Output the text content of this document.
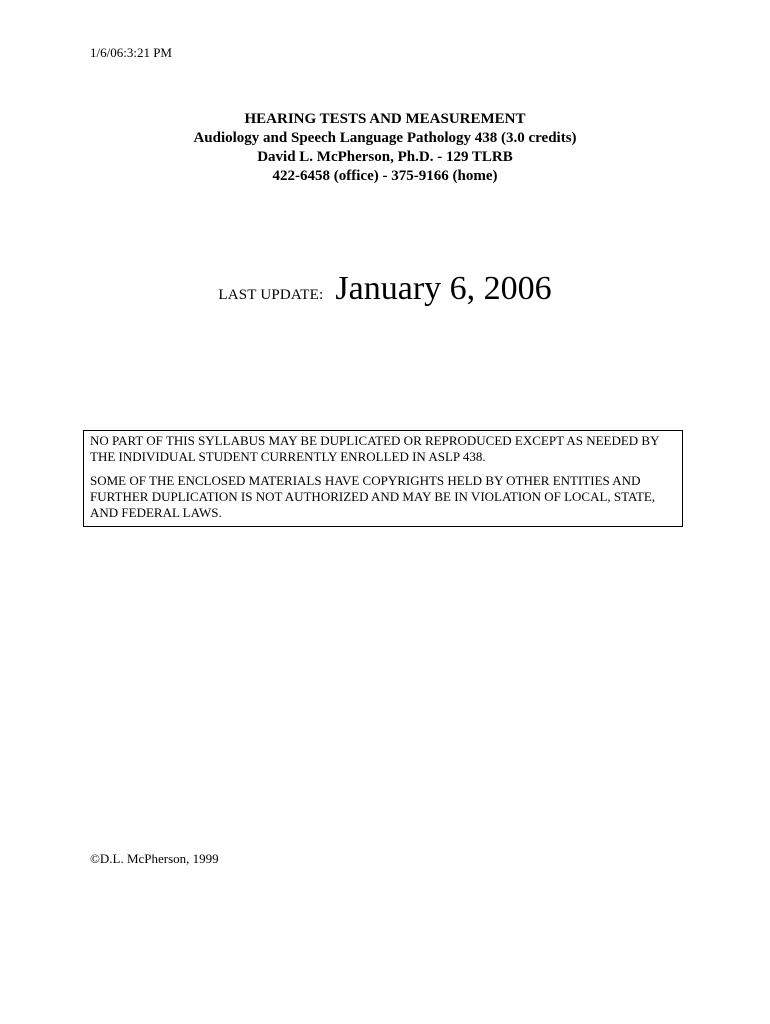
1/6/06:3:21 PM
HEARING TESTS AND MEASUREMENT
Audiology and Speech Language Pathology 438 (3.0 credits)
David L. McPherson, Ph.D. - 129 TLRB
422-6458 (office) - 375-9166 (home)
LAST UPDATE: January 6, 2006

NO PART OF THIS SYLLABUS MAY BE DUPLICATED OR REPRODUCED EXCEPT AS NEEDED BY THE INDIVIDUAL STUDENT CURRENTLY ENROLLED IN ASLP 438.

SOME OF THE ENCLOSED MATERIALS HAVE COPYRIGHTS HELD BY OTHER ENTITIES AND FURTHER DUPLICATION IS NOT AUTHORIZED AND MAY BE IN VIOLATION OF LOCAL, STATE, AND FEDERAL LAWS.

©D.L. McPherson, 1999
